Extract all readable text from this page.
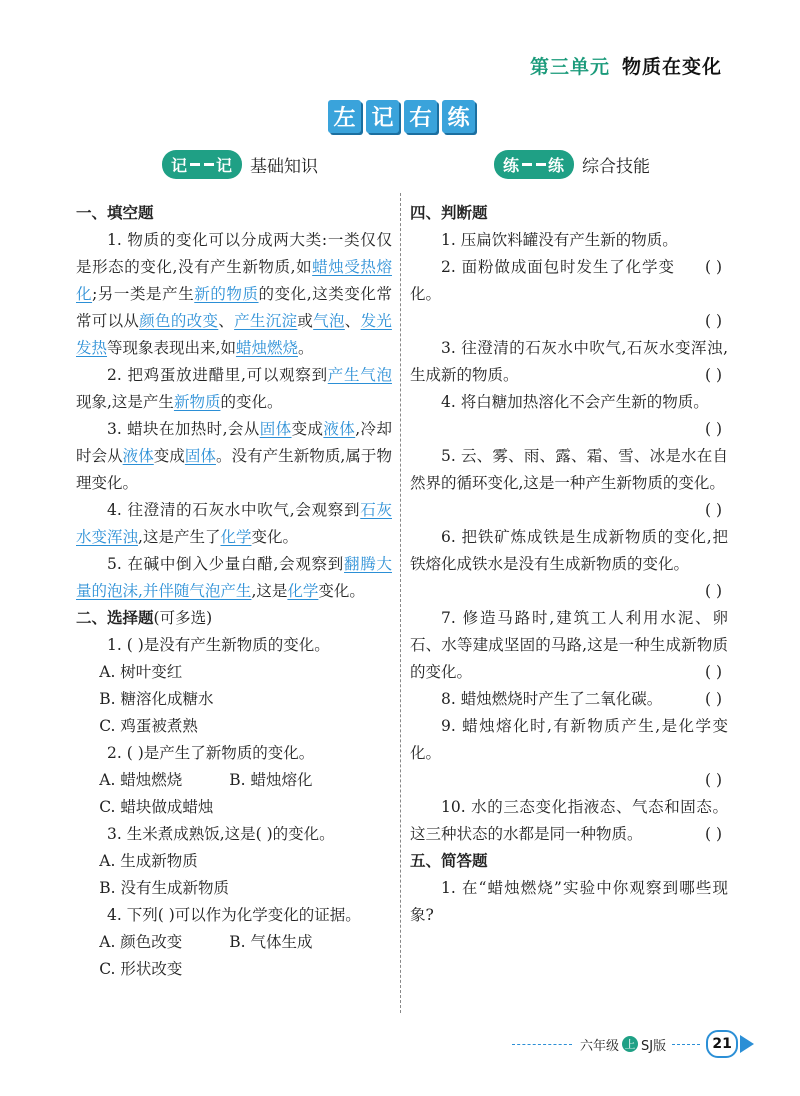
第三单元 物质在变化
左 记 右 练
记 记 基础知识	练 练 综合技能
一、填空题

1. 物质的变化可以分成两大类:一类仅仅是形态的变化,没有产生新物质,如蜡烛受热熔化;另一类是产生新的物质的变化,这类变化常常可以从颜色的改变、产生沉淀或气泡、发光发热等现象表现出来,如蜡烛燃烧。

2. 把鸡蛋放进醋里,可以观察到产生气泡现象,这是产生新物质的变化。

3. 蜡块在加热时,会从固体变成液体,冷却时会从液体变成固体。没有产生新物质,属于物理变化。

4. 往澄清的石灰水中吹气,会观察到石灰水变浑浊,这是产生了化学变化。

5. 在碱中倒入少量白醋,会观察到翻腾大量的泡沫,并伴随气泡产生,这是化学变化。

二、选择题(可多选)

1. ( )是没有产生新物质的变化。

A. 树叶变红

B. 糖溶化成糖水

C. 鸡蛋被煮熟

2. ( )是产生了新物质的变化。

A. 蜡烛燃烧	B. 蜡烛熔化

C. 蜡块做成蜡烛

3. 生米煮成熟饭,这是( )的变化。

A. 生成新物质

B. 没有生成新物质

4. 下列( )可以作为化学变化的证据。

A. 颜色改变	B. 气体生成

C. 形状改变

四、判断题

1. 压扁饮料罐没有产生新的物质。
( )

2. 面粉做成面包时发生了化学变化。
( )

3. 往澄清的石灰水中吹气,石灰水变浑浊,生成新的物质。	( )

4. 将白糖加热溶化不会产生新的物质。
( )

5. 云、雾、雨、露、霜、雪、冰是水在自然界的循环变化,这是一种产生新物质的变化。
( )

6. 把铁矿炼成铁是生成新物质的变化,把铁熔化成铁水是没有生成新物质的变化。
( )

7. 修造马路时,建筑工人利用水泥、卵石、水等建成坚固的马路,这是一种生成新物质的变化。	( )

8. 蜡烛燃烧时产生了二氧化碳。	( )

9. 蜡烛熔化时,有新物质产生,是化学变化。
( )

10. 水的三态变化指液态、气态和固态。这三种状态的水都是同一种物质。	( )

五、简答题

1. 在“蜡烛燃烧”实验中你观察到哪些现象?

六年级 上 SJ版	21
